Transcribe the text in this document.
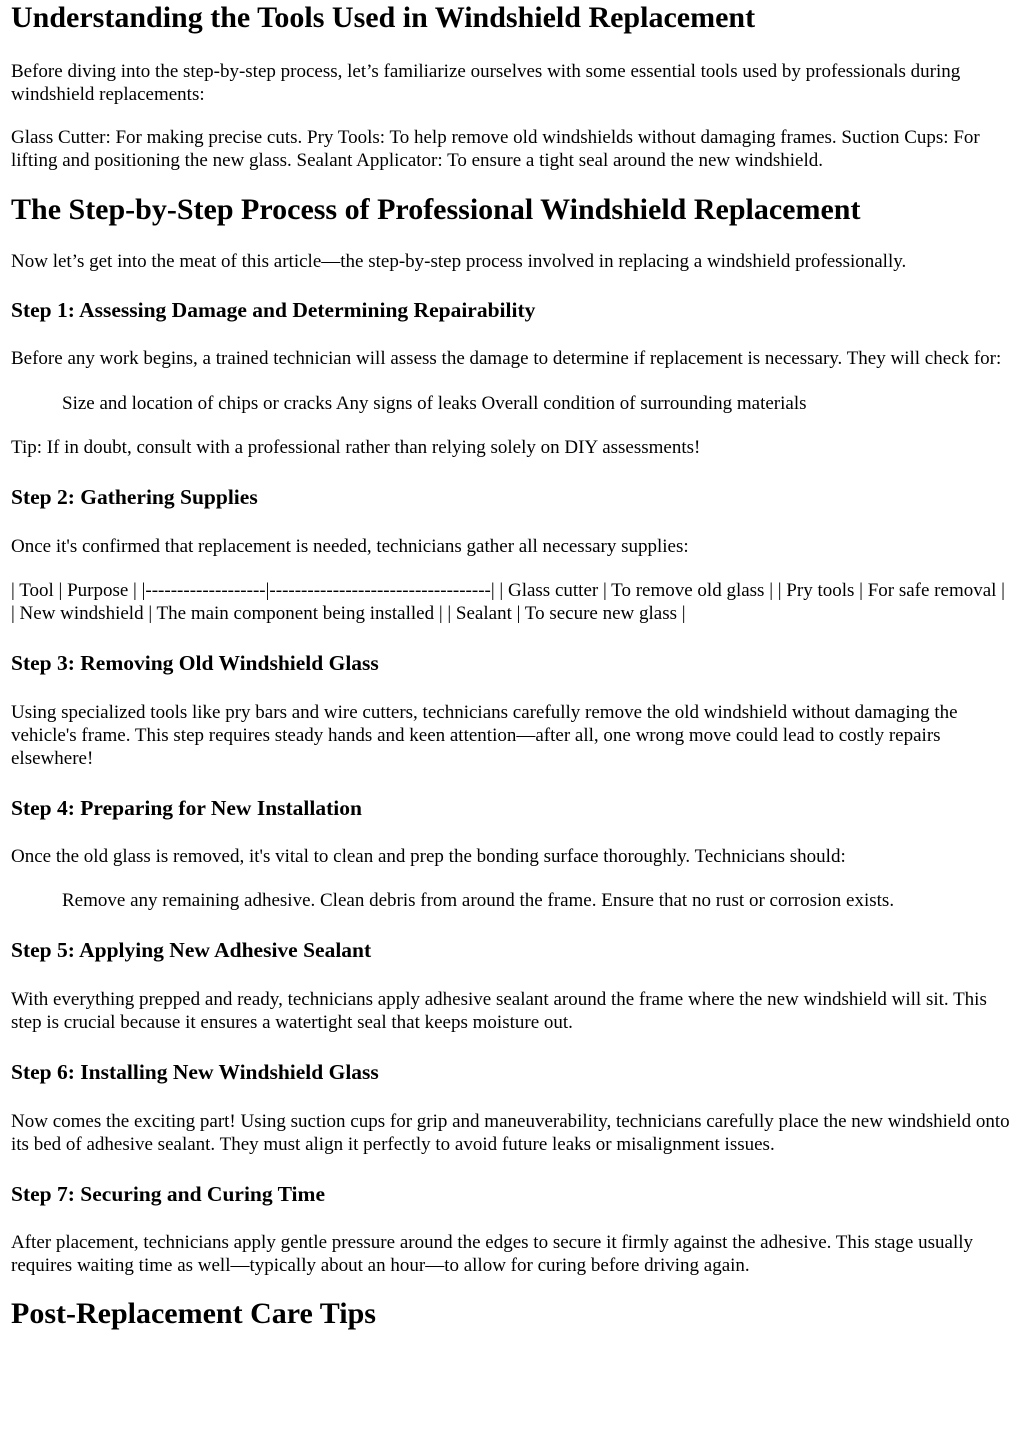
Understanding the Tools Used in Windshield Replacement

Before diving into the step-by-step process, let’s familiarize ourselves with some essential tools used by professionals during windshield replacements:

Glass Cutter: For making precise cuts. Pry Tools: To help remove old windshields without damaging frames. Suction Cups: For lifting and positioning the new glass. Sealant Applicator: To ensure a tight seal around the new windshield.

The Step-by-Step Process of Professional Windshield Replacement

Now let’s get into the meat of this article—the step-by-step process involved in replacing a windshield professionally.

Step 1: Assessing Damage and Determining Repairability

Before any work begins, a trained technician will assess the damage to determine if replacement is necessary. They will check for:

Size and location of chips or cracks Any signs of leaks Overall condition of surrounding materials

Tip: If in doubt, consult with a professional rather than relying solely on DIY assessments!

Step 2: Gathering Supplies

Once it's confirmed that replacement is needed, technicians gather all necessary supplies:

| Tool | Purpose | |-------------------|-----------------------------------| | Glass cutter | To remove old glass | | Pry tools | For safe removal | | New windshield | The main component being installed | | Sealant | To secure new glass |

Step 3: Removing Old Windshield Glass

Using specialized tools like pry bars and wire cutters, technicians carefully remove the old windshield without damaging the vehicle's frame. This step requires steady hands and keen attention—after all, one wrong move could lead to costly repairs elsewhere!

Step 4: Preparing for New Installation

Once the old glass is removed, it's vital to clean and prep the bonding surface thoroughly. Technicians should:

Remove any remaining adhesive. Clean debris from around the frame. Ensure that no rust or corrosion exists.

Step 5: Applying New Adhesive Sealant

With everything prepped and ready, technicians apply adhesive sealant around the frame where the new windshield will sit. This step is crucial because it ensures a watertight seal that keeps moisture out.

Step 6: Installing New Windshield Glass

Now comes the exciting part! Using suction cups for grip and maneuverability, technicians carefully place the new windshield onto its bed of adhesive sealant. They must align it perfectly to avoid future leaks or misalignment issues.

Step 7: Securing and Curing Time

After placement, technicians apply gentle pressure around the edges to secure it firmly against the adhesive. This stage usually requires waiting time as well—typically about an hour—to allow for curing before driving again.

Post-Replacement Care Tips
